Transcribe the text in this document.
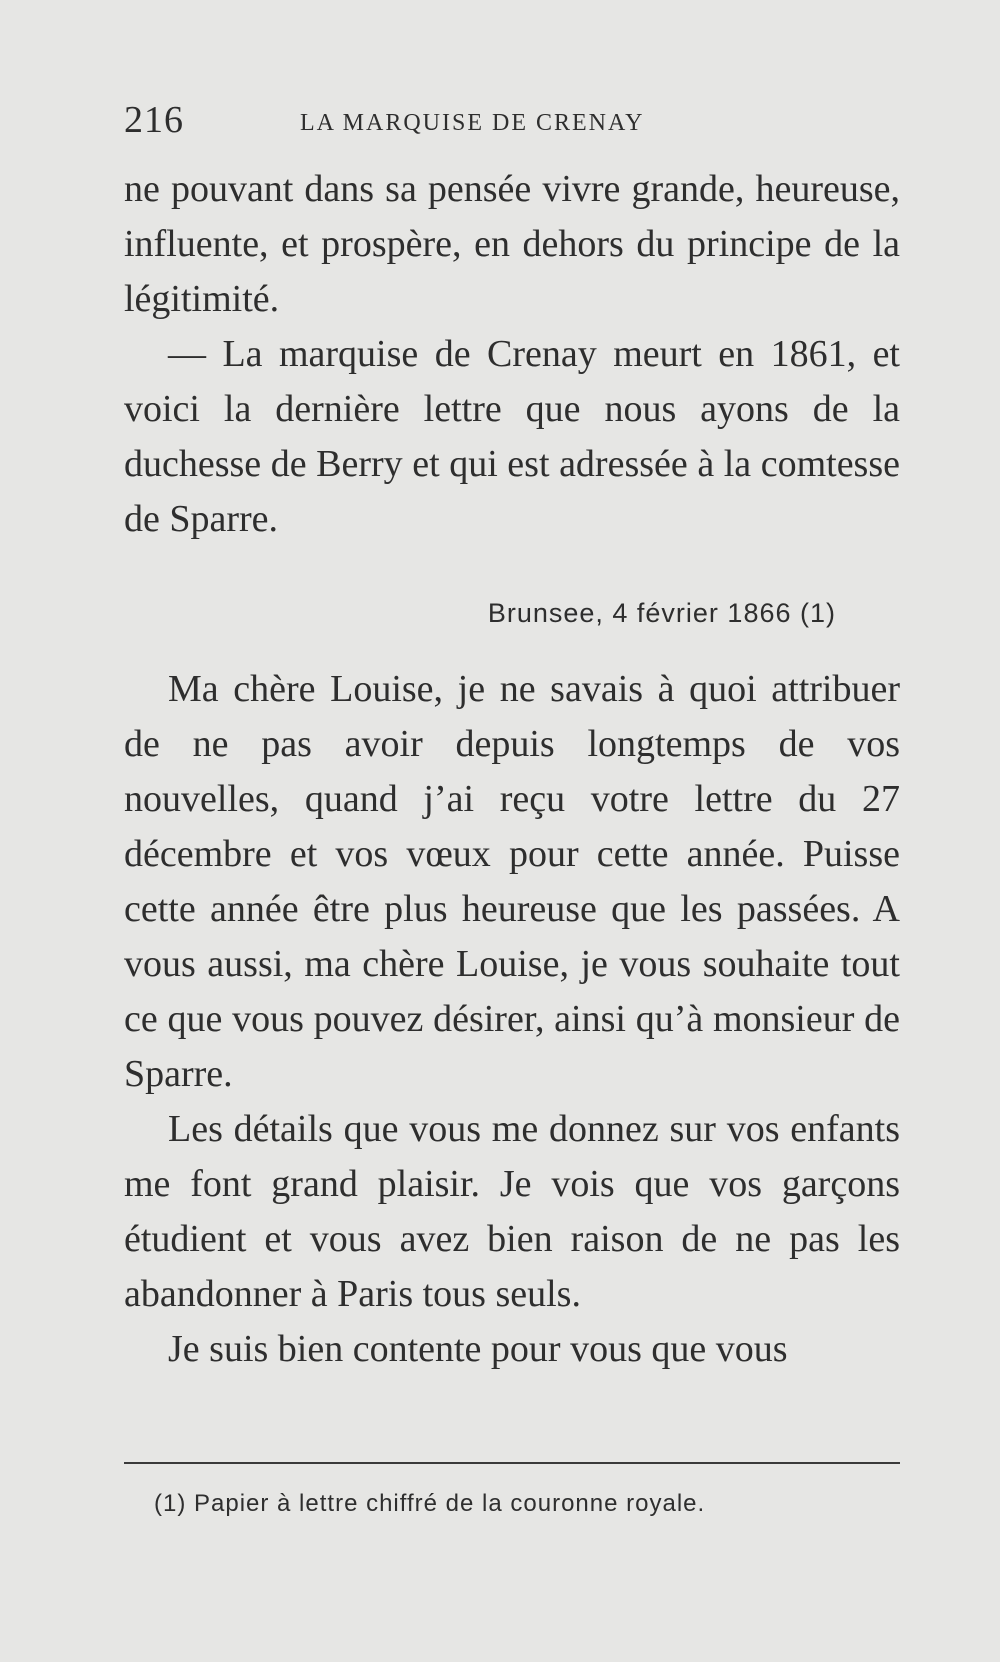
216	LA MARQUISE DE CRENAY

ne pouvant dans sa pensée vivre grande, heureuse, influente, et prospère, en dehors du principe de la légitimité.

— La marquise de Crenay meurt en 1861, et voici la dernière lettre que nous ayons de la duchesse de Berry et qui est adressée à la comtesse de Sparre.

Brunsee, 4 février 1866 (1)

Ma chère Louise, je ne savais à quoi attribuer de ne pas avoir depuis longtemps de vos nouvelles, quand j’ai reçu votre lettre du 27 décembre et vos vœux pour cette année. Puisse cette année être plus heureuse que les passées. A vous aussi, ma chère Louise, je vous souhaite tout ce que vous pouvez désirer, ainsi qu’à monsieur de Sparre.

Les détails que vous me donnez sur vos enfants me font grand plaisir. Je vois que vos garçons étudient et vous avez bien raison de ne pas les abandonner à Paris tous seuls.

Je suis bien contente pour vous que vous

(1) Papier à lettre chiffré de la couronne royale.
